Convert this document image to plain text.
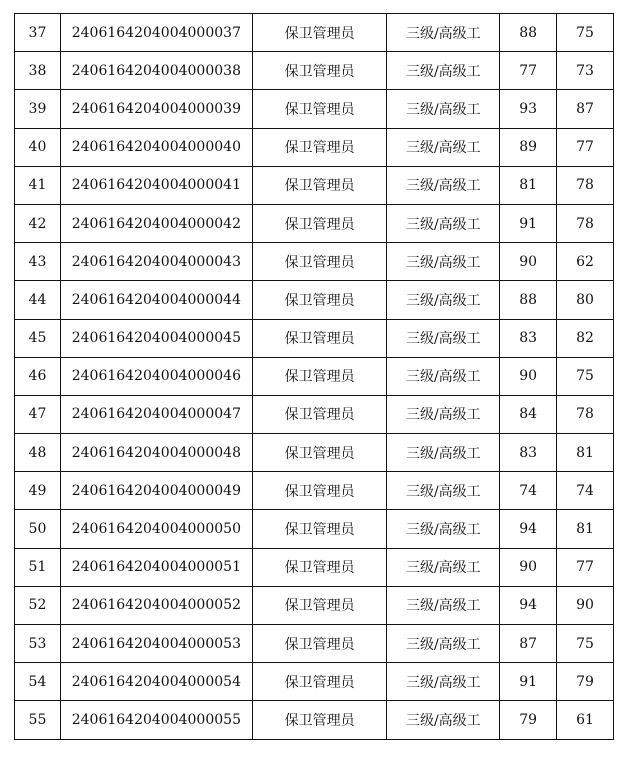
37	2406164204004000037	保卫管理员	三级/高级工	88	75
38	2406164204004000038	保卫管理员	三级/高级工	77	73
39	2406164204004000039	保卫管理员	三级/高级工	93	87
40	2406164204004000040	保卫管理员	三级/高级工	89	77
41	2406164204004000041	保卫管理员	三级/高级工	81	78
42	2406164204004000042	保卫管理员	三级/高级工	91	78
43	2406164204004000043	保卫管理员	三级/高级工	90	62
44	2406164204004000044	保卫管理员	三级/高级工	88	80
45	2406164204004000045	保卫管理员	三级/高级工	83	82
46	2406164204004000046	保卫管理员	三级/高级工	90	75
47	2406164204004000047	保卫管理员	三级/高级工	84	78
48	2406164204004000048	保卫管理员	三级/高级工	83	81
49	2406164204004000049	保卫管理员	三级/高级工	74	74
50	2406164204004000050	保卫管理员	三级/高级工	94	81
51	2406164204004000051	保卫管理员	三级/高级工	90	77
52	2406164204004000052	保卫管理员	三级/高级工	94	90
53	2406164204004000053	保卫管理员	三级/高级工	87	75
54	2406164204004000054	保卫管理员	三级/高级工	91	79
55	2406164204004000055	保卫管理员	三级/高级工	79	61
